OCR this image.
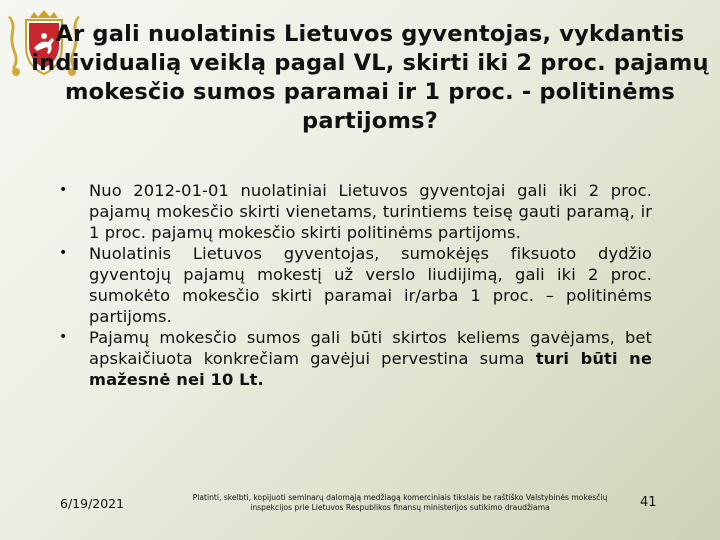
Ar gali nuolatinis Lietuvos gyventojas, vykdantis individualią veiklą pagal VL, skirti iki 2 proc. pajamų mokesčio sumos paramai ir 1 proc. - politinėms partijoms?
• Nuo 2012-01-01 nuolatiniai Lietuvos gyventojai gali iki 2 proc. pajamų mokesčio skirti vienetams, turintiems teisę gauti paramą, ir 1 proc. pajamų mokesčio skirti politinėms partijoms.
• Nuolatinis Lietuvos gyventojas, sumokėjęs fiksuoto dydžio gyventojų pajamų mokestį už verslo liudijimą, gali iki 2 proc. sumokėto mokesčio skirti paramai ir/arba 1 proc. – politinėms partijoms.
• Pajamų mokesčio sumos gali būti skirtos keliems gavėjams, bet apskaičiuota konkrečiam gavėjui pervestina suma turi būti ne mažesnė nei 10 Lt.
6/19/2021	Platinti, skelbti, kopijuoti seminarų dalomąją medžiagą komerciniais tikslais be raštiško Valstybinės mokesčių inspekcijos prie Lietuvos Respublikos finansų ministerijos sutikimo draudžiama	41
